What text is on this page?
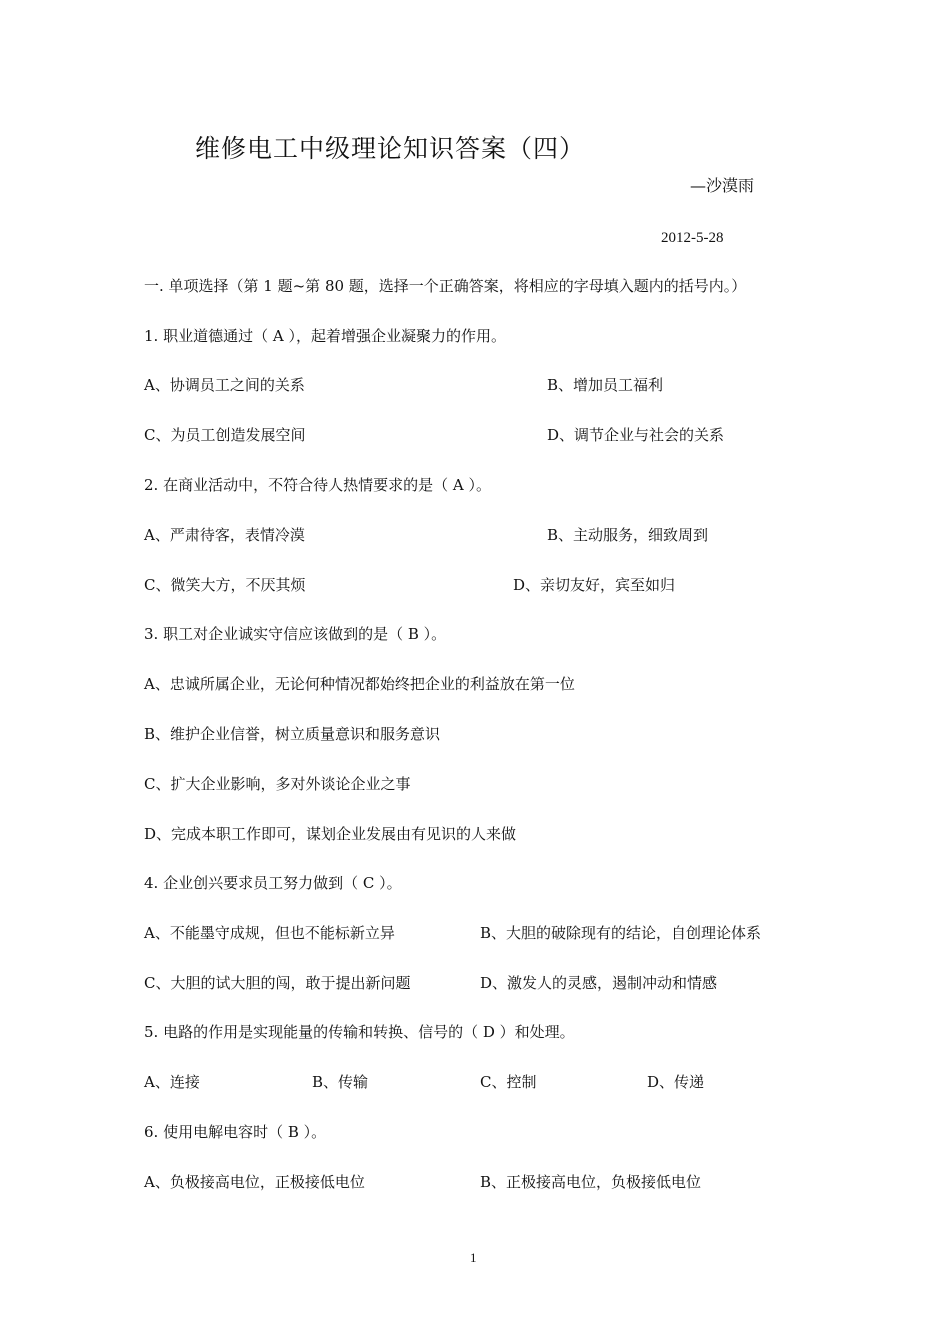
维修电工中级理论知识答案（四）
—沙漠雨
2012-5-28
一. 单项选择（第 1 题~第 80 题，选择一个正确答案，将相应的字母填入题内的括号内。）
1. 职业道德通过（ A ），起着增强企业凝聚力的作用。
A、协调员工之间的关系	B、增加员工福利
C、为员工创造发展空间	D、调节企业与社会的关系
2. 在商业活动中，不符合待人热情要求的是（ A ）。
A、严肃待客，表情冷漠	B、主动服务，细致周到
C、微笑大方，不厌其烦	D、亲切友好，宾至如归
3. 职工对企业诚实守信应该做到的是（ B ）。
A、忠诚所属企业，无论何种情况都始终把企业的利益放在第一位
B、维护企业信誉，树立质量意识和服务意识
C、扩大企业影响，多对外谈论企业之事
D、完成本职工作即可，谋划企业发展由有见识的人来做
4. 企业创兴要求员工努力做到（ C ）。
A、不能墨守成规，但也不能标新立异	B、大胆的破除现有的结论，自创理论体系
C、大胆的试大胆的闯，敢于提出新问题	D、激发人的灵感，遏制冲动和情感
5. 电路的作用是实现能量的传输和转换、信号的（ D ）和处理。
A、连接	B、传输	C、控制	D、传递
6. 使用电解电容时（ B ）。
A、负极接高电位，正极接低电位	B、正极接高电位，负极接低电位
1
